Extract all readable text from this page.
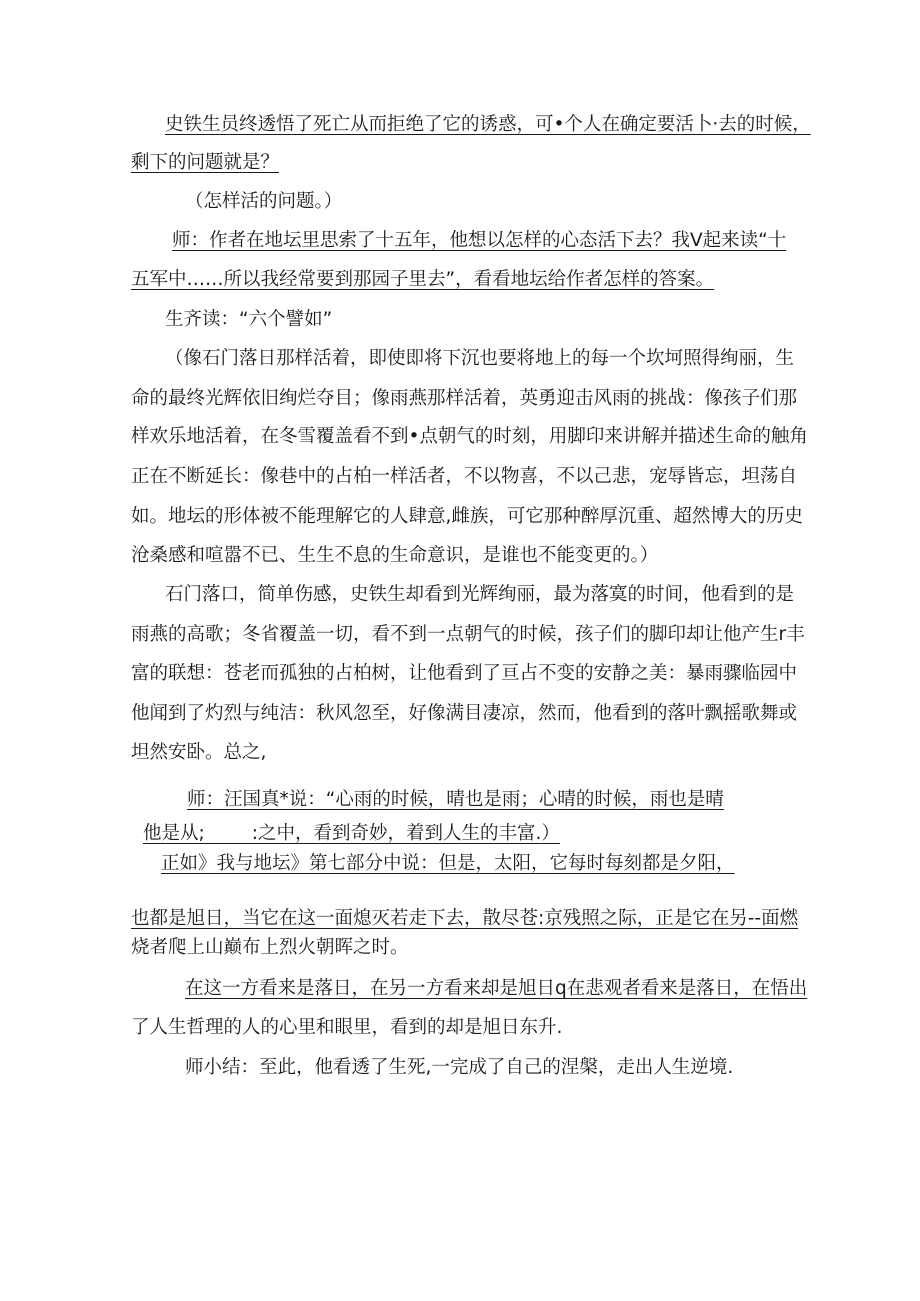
史铁生员终透悟了死亡从而拒绝了它的诱惑，可•个人在确定要活卜·去的时候，
剩下的问题就是？
（怎样活的问题。）
师：作者在地坛里思索了十五年，他想以怎样的心态活下去？我V起来读“十
五军中……所以我经常要到那园子里去”，看看地坛给作者怎样的答案。
生齐读：“六个譬如”
（像石门落日那样活着，即使即将下沉也要将地上的每一个坎坷照得绚丽，生
命的最终光辉依旧绚烂夺目；像雨燕那样活着，英勇迎击风雨的挑战：像孩子们那
样欢乐地活着，在冬雪覆盖看不到•点朝气的时刻，用脚印来讲解并描述生命的触角
正在不断延长：像巷中的占柏一样活者，不以物喜，不以己悲，宠辱皆忘，坦荡自
如。地坛的形体被不能理解它的人肆意,雌族，可它那种醉厚沉重、超然博大的历史
沧桑感和喧嚣不已、生生不息的生命意识，是谁也不能变更的。）
石门落口，简单伤感，史铁生却看到光辉绚丽，最为落寞的时间，他看到的是
雨燕的高歌；冬省覆盖一切，看不到一点朝气的时候，孩子们的脚印却让他产生r丰
富的联想：苍老而孤独的占柏树，让他看到了亘占不变的安静之美：暴雨骤临园中
他闻到了灼烈与纯洁：秋风忽至，好像满目凄凉，然而，他看到的落叶飘摇歌舞或
坦然安卧。总之,
师：汪国真*说：“心雨的时候，晴也是雨；心晴的时候，雨也是晴
他是从;        :之中，看到奇妙，着到人生的丰富.）
正如》我与地坛》第七部分中说：但是，太阳，它每时每刻都是夕阳，
也都是旭日，当它在这一面熄灭若走下去，散尽苍:京残照之际，正是它在另--面燃
烧者爬上山巅布上烈火朝晖之时。
在这一方看来是落日，在另一方看来却是旭日q在悲观者看来是落日，在悟出
了人生哲理的人的心里和眼里，看到的却是旭日东升.
师小结：至此，他看透了生死,一完成了自己的涅槃，走出人生逆境.
